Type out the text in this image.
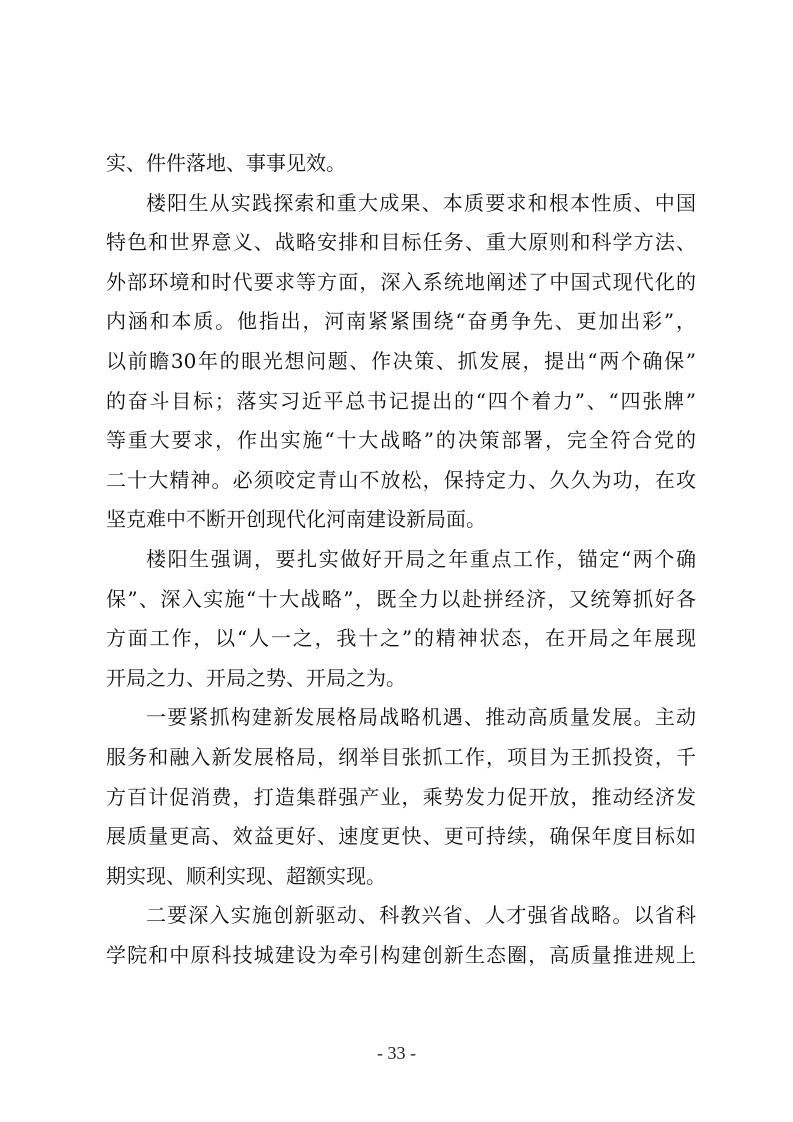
实、件件落地、事事见效。
楼阳生从实践探索和重大成果、本质要求和根本性质、中国
特色和世界意义、战略安排和目标任务、重大原则和科学方法、
外部环境和时代要求等方面，深入系统地阐述了中国式现代化的
内涵和本质。他指出，河南紧紧围绕“奋勇争先、更加出彩”，
以前瞻30年的眼光想问题、作决策、抓发展，提出“两个确保”
的奋斗目标；落实习近平总书记提出的“四个着力”、“四张牌”
等重大要求，作出实施“十大战略”的决策部署，完全符合党的
二十大精神。必须咬定青山不放松，保持定力、久久为功，在攻
坚克难中不断开创现代化河南建设新局面。
楼阳生强调，要扎实做好开局之年重点工作，锚定“两个确
保”、深入实施“十大战略”，既全力以赴拼经济，又统筹抓好各
方面工作，以“人一之，我十之”的精神状态，在开局之年展现
开局之力、开局之势、开局之为。
一要紧抓构建新发展格局战略机遇、推动高质量发展。主动
服务和融入新发展格局，纲举目张抓工作，项目为王抓投资，千
方百计促消费，打造集群强产业，乘势发力促开放，推动经济发
展质量更高、效益更好、速度更快、更可持续，确保年度目标如
期实现、顺利实现、超额实现。
二要深入实施创新驱动、科教兴省、人才强省战略。以省科
学院和中原科技城建设为牵引构建创新生态圈，高质量推进规上
- 33 -
